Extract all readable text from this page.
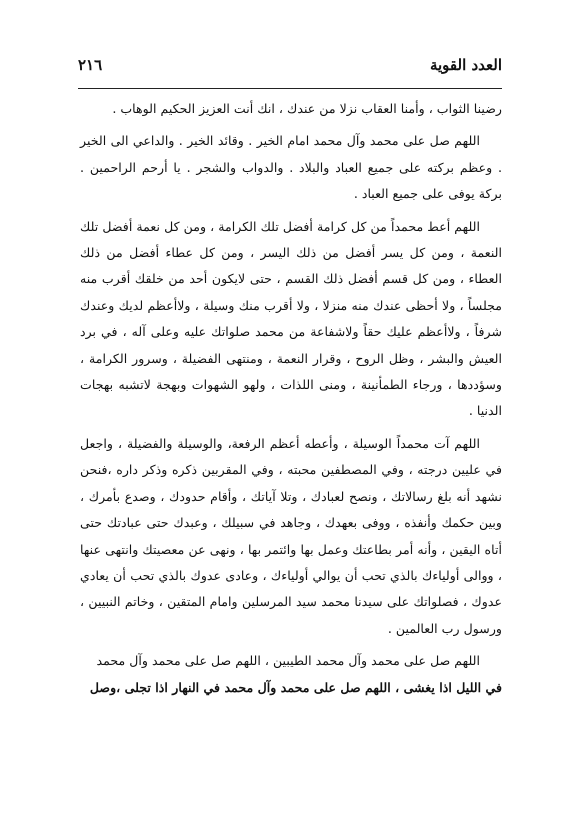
٢١٦	العدد القوية

رضينا الثواب ، وأمنا العقاب نزلا من عندك ، انك أنت العزيز الحكيم الوهاب .

اللهم صل على محمد وآل محمد امام الخير . وقائد الخير . والداعي الى الخير . وعظم بركته على جميع العباد والبلاد . والدواب والشجر . يا أرحم الراحمين . بركة يوفى على جميع العباد .

اللهم أعط محمداً من كل كرامة أفضل تلك الكرامة ، ومن كل نعمة أفضل تلك النعمة ، ومن كل يسر أفضل من ذلك اليسر ، ومن كل عطاء أفضل من ذلك العطاء ، ومن كل قسم أفضل ذلك القسم ، حتى لايكون أحد من خلقك أقرب منه مجلساً ، ولا أحظى عندك منه منزلا ، ولا أقرب منك وسيلة ، ولاأعظم لديك وعندك شرفاً ، ولاأعظم عليك حقاً ولاشفاعة من محمد صلواتك عليه وعلى آله ، في برد العيش والبشر ، وظل الروح ، وقرار النعمة ، ومنتهى الفضيلة ، وسرور الكرامة ، وسؤددها ، ورجاء الطمأنينة ، ومنى اللذات ، ولهو الشهوات وبهجة لاتشبه بهجات الدنيا .

اللهم آت محمداً الوسيلة ، وأعطه أعظم الرفعة، والوسيلة والفضيلة ، واجعل في عليين درجته ، وفي المصطفين محبته ، وفي المقربين ذكره وذكر داره ،فنحن نشهد أنه بلغ رسالاتك ، ونصح لعبادك ، وتلا آياتك ، وأقام حدودك ، وصدع بأمرك ، وبين حكمك وأنفذه ، ووفى بعهدك ، وجاهد في سبيلك ، وعبدك حتى عبادتك حتى أتاه اليقين ، وأنه أمر بطاعتك وعمل بها وائتمر بها ، ونهى عن معصيتك وانتهى عنها ، ووالى أولياءك بالذي تحب أن يوالي أولياءك ، وعادى عدوك بالذي تحب أن يعادي عدوك ، فصلواتك على سيدنا محمد سيد المرسلين وامام المتقين ، وخاتم النبيين ، ورسول رب العالمين .

اللهم صل على محمد وآل محمد الطيبين ، اللهم صل على محمد وآل محمد

في الليل اذا يغشى ، اللهم صل على محمد وآل محمد في النهار اذا تجلى ،وصل
